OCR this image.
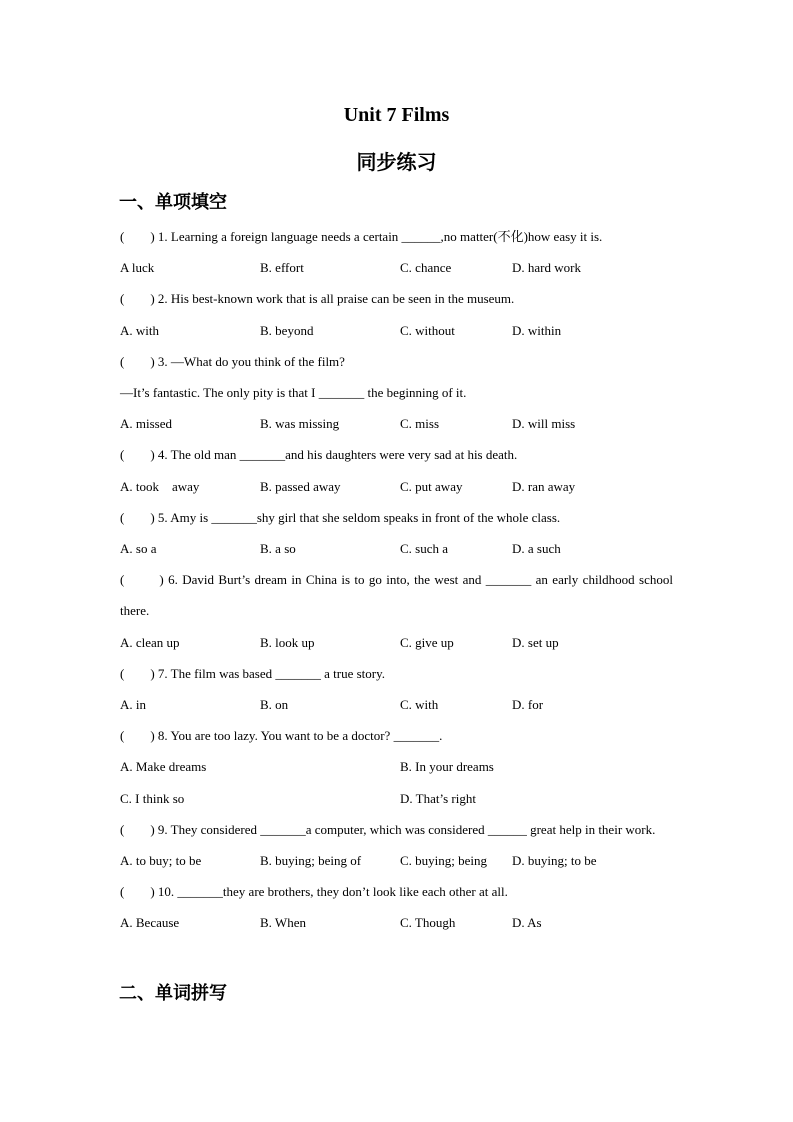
Unit 7 Films
同步练习
一、单项填空
(        ) 1. Learning a foreign language needs a certain ______,no matter(不化)how easy it is.
A luck	B. effort	C. chance	D. hard work
(        ) 2. His best-known work that is all praise can be seen in the museum.
A. with	B. beyond	C. without	D. within
(        ) 3. —What do you think of the film?
—It’s fantastic. The only pity is that I _______ the beginning of it.
A. missed	B. was missing	C. miss	D. will miss
(        ) 4. The old man _______and his daughters were very sad at his death.
A. took    away	B. passed away	C. put away	D. ran away
(        ) 5. Amy is _______shy girl that she seldom speaks in front of the whole class.
A. so a	B. a so	C. such a	D. a such
(        ) 6. David Burt’s dream in China is to go into, the west and _______ an early childhood school there.
A. clean up	B. look up	C. give up	D. set up
(        ) 7. The film was based _______ a true story.
A. in	B. on	C. with	D. for
(        ) 8. You are too lazy. You want to be a doctor? _______.
A. Make dreams	B. In your dreams
C. I think so	D. That’s right
(        ) 9. They considered _______a computer, which was considered ______ great help in their work.
A. to buy; to be	B. buying; being of	C. buying; being D. buying; to be
(        ) 10. _______they are brothers, they don’t look like each other at all.
A. Because	B. When	C. Though	D. As
二、单词拼写
